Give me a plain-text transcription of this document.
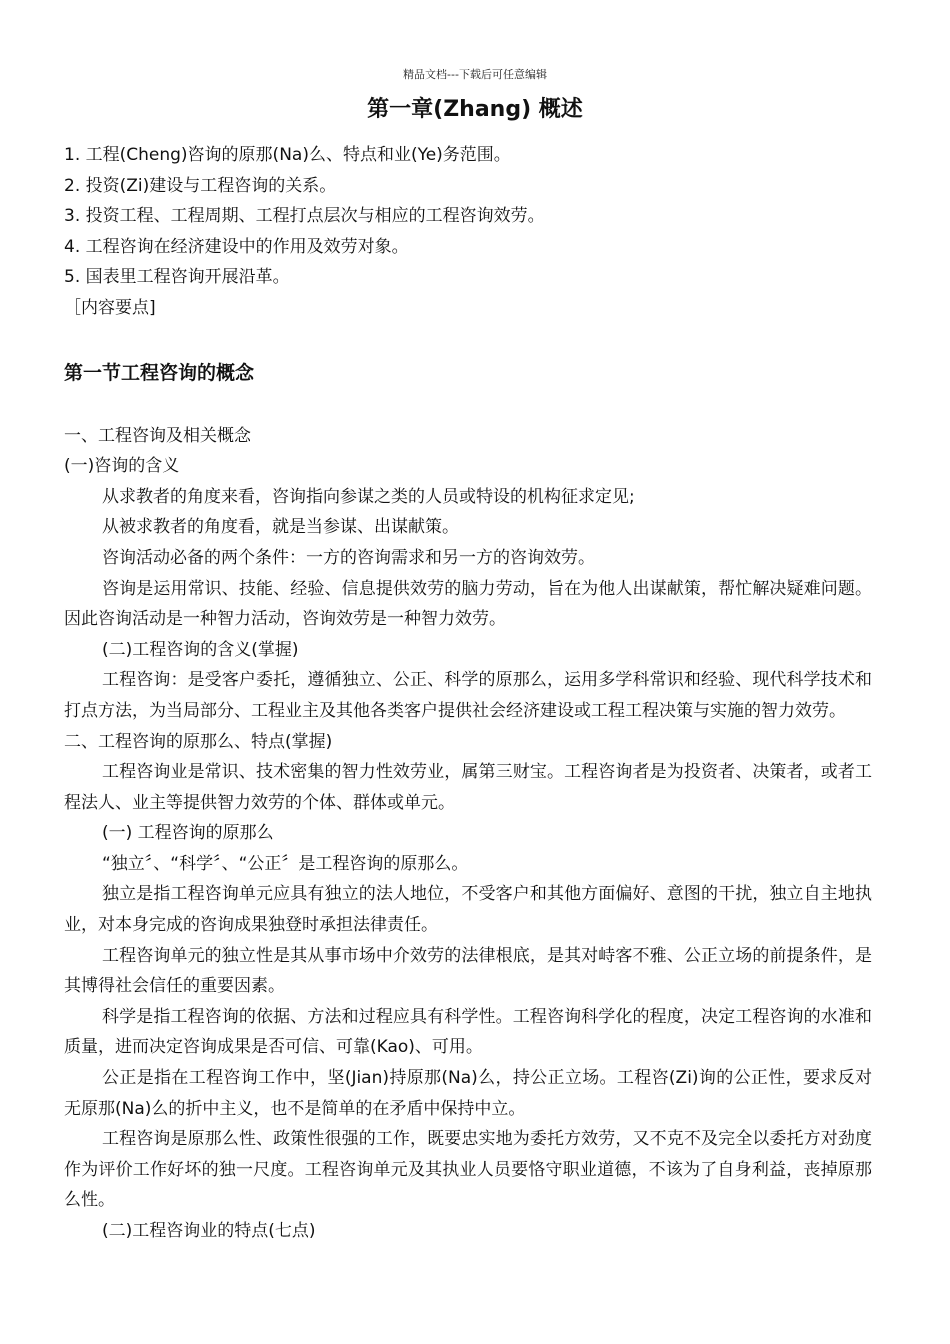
精品文档---下载后可任意编辑
第一章(Zhang) 概述

1. 工程(Cheng)咨询的原那(Na)么、特点和业(Ye)务范围。

2. 投资(Zi)建设与工程咨询的关系。

3. 投资工程、工程周期、工程打点层次与相应的工程咨询效劳。

4. 工程咨询在经济建设中的作用及效劳对象。

5. 国表里工程咨询开展沿革。

［内容要点]

第一节工程咨询的概念

一、工程咨询及相关概念

(一)咨询的含义

从求教者的角度来看，咨询指向参谋之类的人员或特设的机构征求定见;

从被求教者的角度看，就是当参谋、出谋献策。

咨询活动必备的两个条件：一方的咨询需求和另一方的咨询效劳。

咨询是运用常识、技能、经验、信息提供效劳的脑力劳动，旨在为他人出谋献策，帮忙解决疑难问题。因此咨询活动是一种智力活动，咨询效劳是一种智力效劳。

(二)工程咨询的含义(掌握)

工程咨询：是受客户委托，遵循独立、公正、科学的原那么，运用多学科常识和经验、现代科学技术和打点方法，为当局部分、工程业主及其他各类客户提供社会经济建设或工程工程决策与实施的智力效劳。

二、工程咨询的原那么、特点(掌握)

工程咨询业是常识、技术密集的智力性效劳业，属第三财宝。工程咨询者是为投资者、决策者，或者工程法人、业主等提供智力效劳的个体、群体或单元。

(一) 工程咨询的原那么

“独立〞、“科学〞、“公正〞是工程咨询的原那么。

独立是指工程咨询单元应具有独立的法人地位，不受客户和其他方面偏好、意图的干扰，独立自主地执业，对本身完成的咨询成果独登时承担法律责任。

工程咨询单元的独立性是其从事市场中介效劳的法律根底，是其对峙客不雅、公正立场的前提条件，是其博得社会信任的重要因素。

科学是指工程咨询的依据、方法和过程应具有科学性。工程咨询科学化的程度，决定工程咨询的水准和质量，进而决定咨询成果是否可信、可靠(Kao)、可用。

公正是指在工程咨询工作中，坚(Jian)持原那(Na)么，持公正立场。工程咨(Zi)询的公正性，要求反对无原那(Na)么的折中主义，也不是简单的在矛盾中保持中立。

工程咨询是原那么性、政策性很强的工作，既要忠实地为委托方效劳，又不克不及完全以委托方对劲度作为评价工作好坏的独一尺度。工程咨询单元及其执业人员要恪守职业道德，不该为了自身利益，丧掉原那么性。

(二)工程咨询业的特点(七点)
